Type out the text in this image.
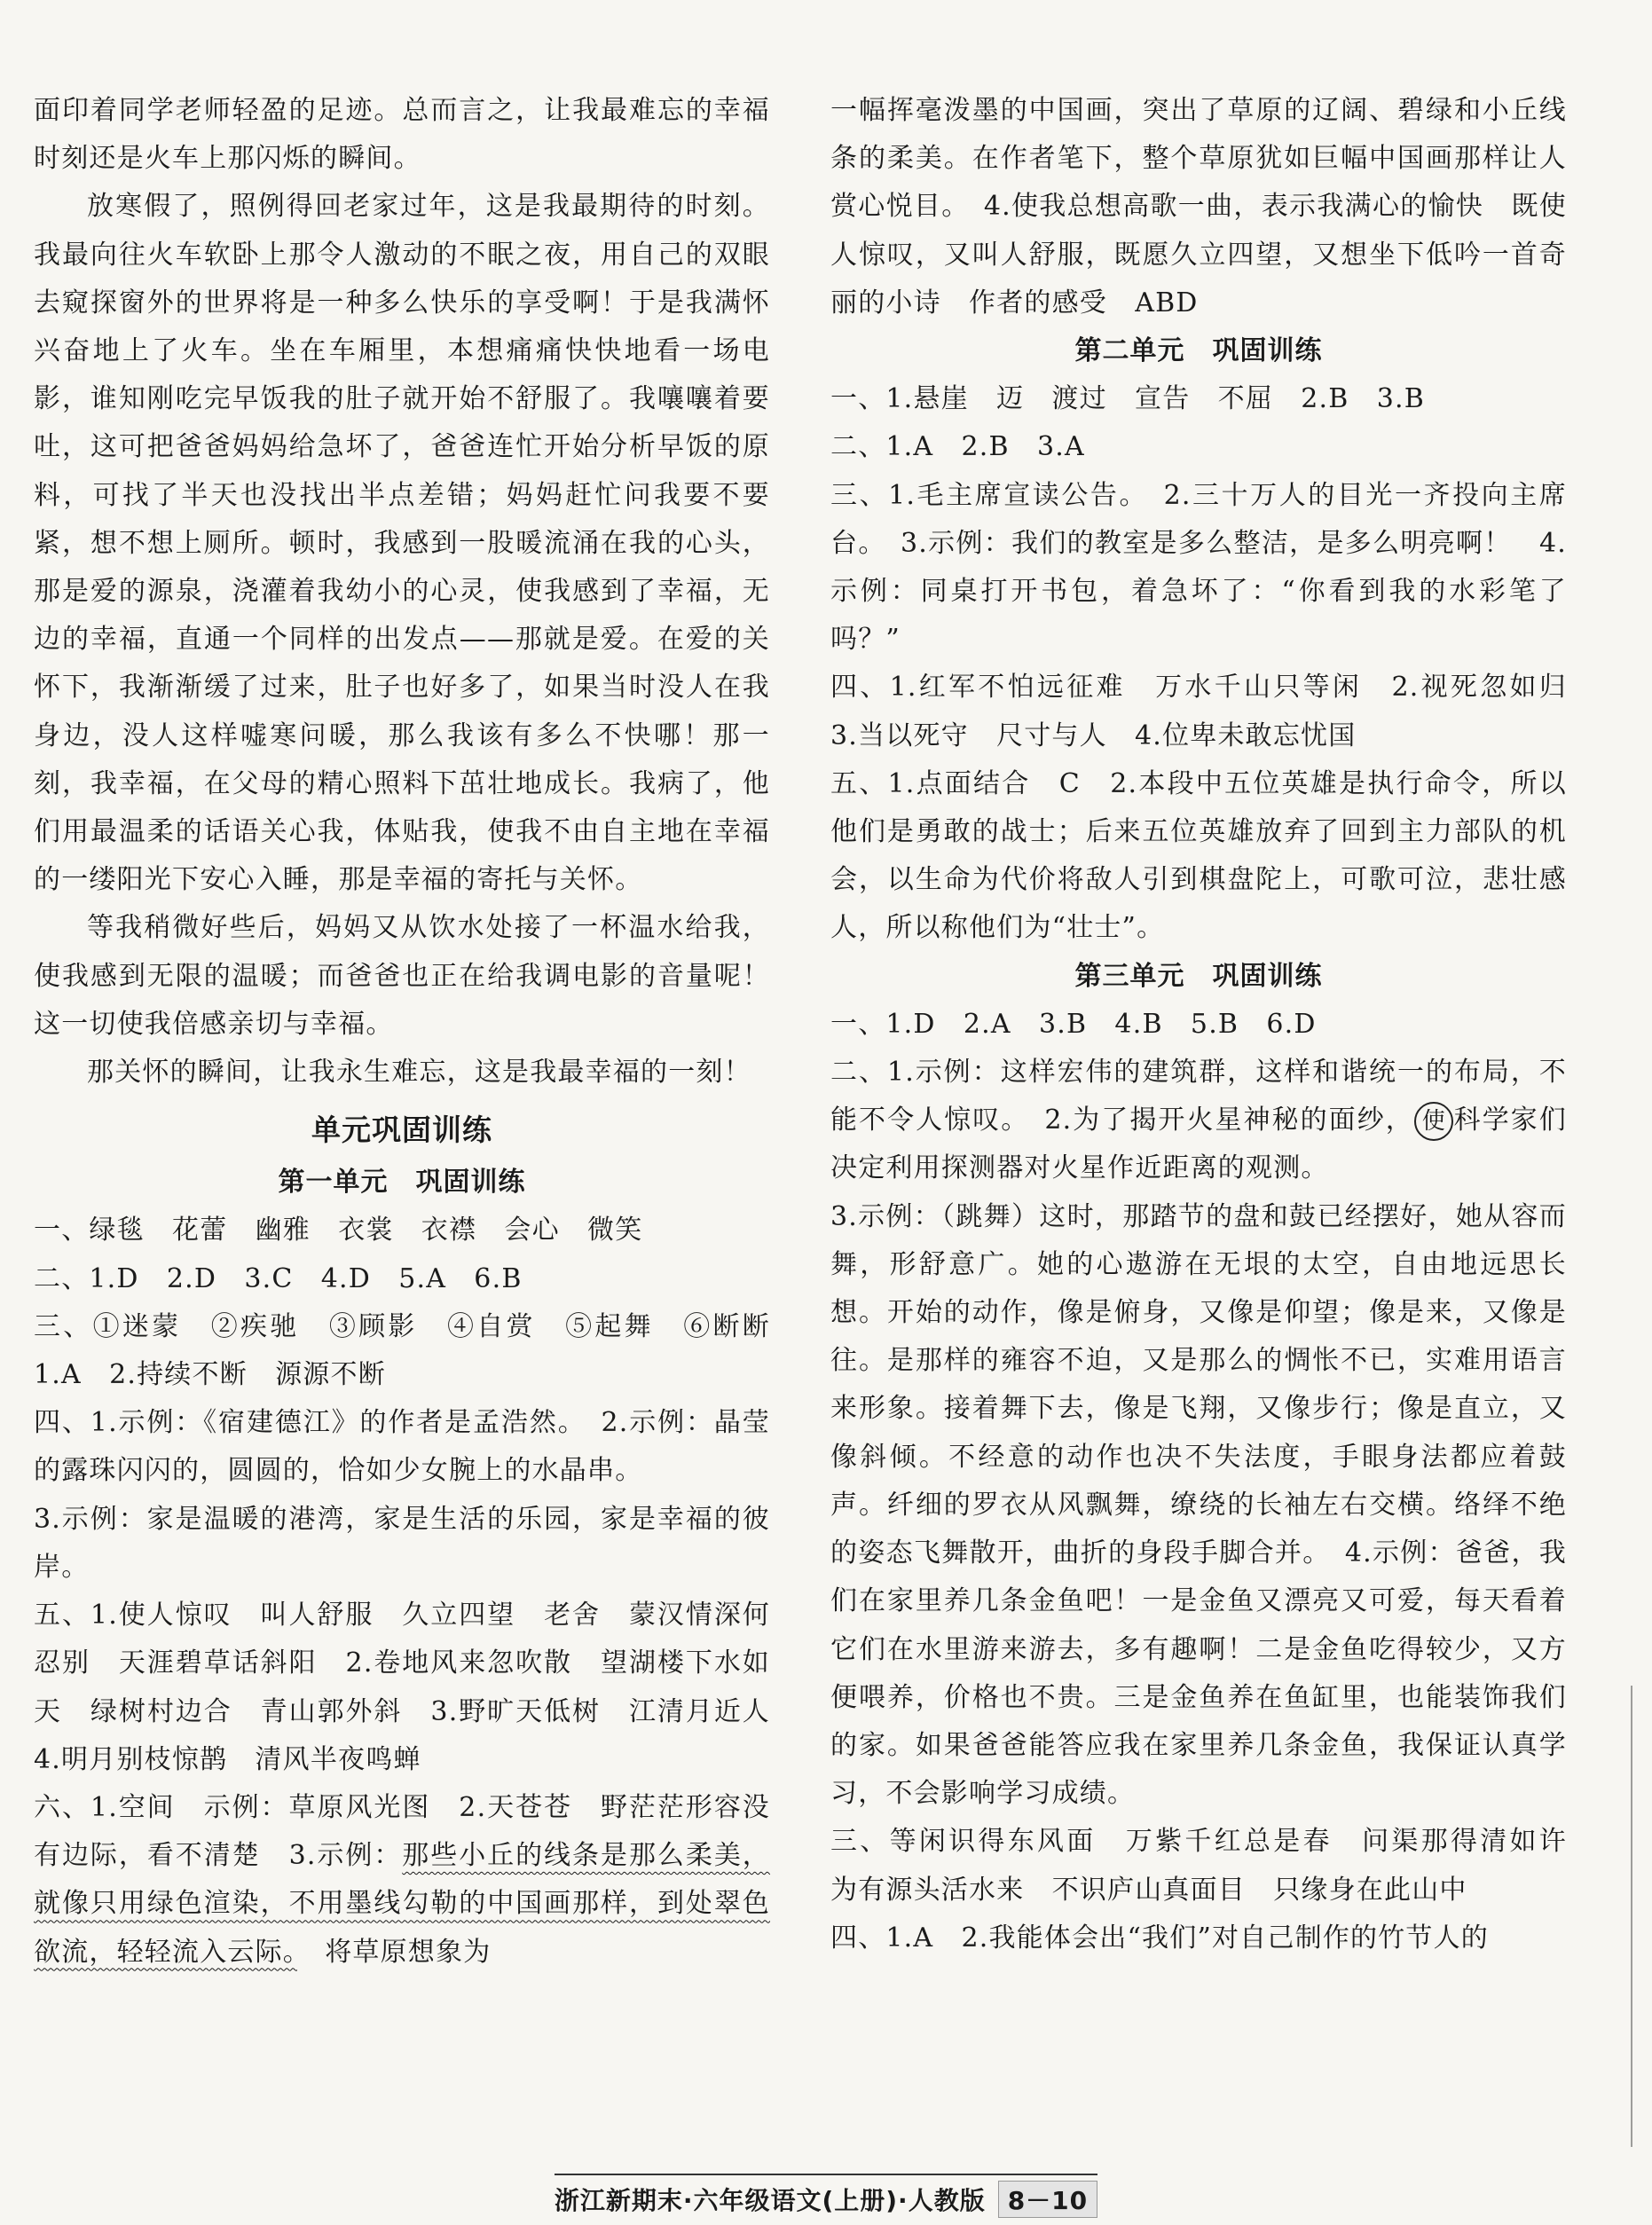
面印着同学老师轻盈的足迹。总而言之，让我最难忘的幸福时刻还是火车上那闪烁的瞬间。

放寒假了，照例得回老家过年，这是我最期待的时刻。我最向往火车软卧上那令人激动的不眠之夜，用自己的双眼去窥探窗外的世界将是一种多么快乐的享受啊！于是我满怀兴奋地上了火车。坐在车厢里，本想痛痛快快地看一场电影，谁知刚吃完早饭我的肚子就开始不舒服了。我嚷嚷着要吐，这可把爸爸妈妈给急坏了，爸爸连忙开始分析早饭的原料，可找了半天也没找出半点差错；妈妈赶忙问我要不要紧，想不想上厕所。顿时，我感到一股暖流涌在我的心头，那是爱的源泉，浇灌着我幼小的心灵，使我感到了幸福，无边的幸福，直通一个同样的出发点——那就是爱。在爱的关怀下，我渐渐缓了过来，肚子也好多了，如果当时没人在我身边，没人这样嘘寒问暖，那么我该有多么不快哪！那一刻，我幸福，在父母的精心照料下茁壮地成长。我病了，他们用最温柔的话语关心我，体贴我，使我不由自主地在幸福的一缕阳光下安心入睡，那是幸福的寄托与关怀。

等我稍微好些后，妈妈又从饮水处接了一杯温水给我，使我感到无限的温暖；而爸爸也正在给我调电影的音量呢！这一切使我倍感亲切与幸福。

那关怀的瞬间，让我永生难忘，这是我最幸福的一刻！

单元巩固训练
第一单元　巩固训练

一、绿毯　花蕾　幽雅　衣裳　衣襟　会心　微笑

二、1.D　2.D　3.C　4.D　5.A　6.B

三、①迷蒙　②疾驰　③顾影　④自赏　⑤起舞　⑥断断　1.A　2.持续不断　源源不断

四、1.示例：《宿建德江》的作者是孟浩然。　2.示例：晶莹的露珠闪闪的，圆圆的，恰如少女腕上的水晶串。

3.示例：家是温暖的港湾，家是生活的乐园，家是幸福的彼岸。

五、1.使人惊叹　叫人舒服　久立四望　老舍　蒙汉情深何忍别　天涯碧草话斜阳　2.卷地风来忽吹散　望湖楼下水如天　绿树村边合　青山郭外斜　3.野旷天低树　江清月近人　4.明月别枝惊鹊　清风半夜鸣蝉

六、1.空间　示例：草原风光图　2.天苍苍　野茫茫形容没有边际，看不清楚　3.示例：那些小丘的线条是那么柔美，就像只用绿色渲染，不用墨线勾勒的中国画那样，到处翠色欲流，轻轻流入云际。　将草原想象为

一幅挥毫泼墨的中国画，突出了草原的辽阔、碧绿和小丘线条的柔美。在作者笔下，整个草原犹如巨幅中国画那样让人赏心悦目。　4.使我总想高歌一曲，表示我满心的愉快　既使人惊叹，又叫人舒服，既愿久立四望，又想坐下低吟一首奇丽的小诗　作者的感受　ABD

第二单元　巩固训练

一、1.悬崖　迈　渡过　宣告　不屈　2.B　3.B

二、1.A　2.B　3.A

三、1.毛主席宣读公告。　2.三十万人的目光一齐投向主席台。　3.示例：我们的教室是多么整洁，是多么明亮啊！　4.示例：同桌打开书包，着急坏了：“你看到我的水彩笔了吗？”

四、1.红军不怕远征难　万水千山只等闲　2.视死忽如归　3.当以死守　尺寸与人　4.位卑未敢忘忧国

五、1.点面结合　C　2.本段中五位英雄是执行命令，所以他们是勇敢的战士；后来五位英雄放弃了回到主力部队的机会，以生命为代价将敌人引到棋盘陀上，可歌可泣，悲壮感人，所以称他们为“壮士”。

第三单元　巩固训练

一、1.D　2.A　3.B　4.B　5.B　6.D

二、1.示例：这样宏伟的建筑群，这样和谐统一的布局，不能不令人惊叹。　2.为了揭开火星神秘的面纱， 使 科学家们决定利用探测器对火星作近距离的观测。

3.示例：（跳舞）这时，那踏节的盘和鼓已经摆好，她从容而舞，形舒意广。她的心遨游在无垠的太空，自由地远思长想。开始的动作，像是俯身，又像是仰望；像是来，又像是往。是那样的雍容不迫，又是那么的惆怅不已，实难用语言来形象。接着舞下去，像是飞翔，又像步行；像是直立，又像斜倾。不经意的动作也决不失法度，手眼身法都应着鼓声。纤细的罗衣从风飘舞，缭绕的长袖左右交横。络绎不绝的姿态飞舞散开，曲折的身段手脚合并。　4.示例：爸爸，我们在家里养几条金鱼吧！一是金鱼又漂亮又可爱，每天看着它们在水里游来游去，多有趣啊！二是金鱼吃得较少，又方便喂养，价格也不贵。三是金鱼养在鱼缸里，也能装饰我们的家。如果爸爸能答应我在家里养几条金鱼，我保证认真学习，不会影响学习成绩。

三、等闲识得东风面　万紫千红总是春　问渠那得清如许　为有源头活水来　不识庐山真面目　只缘身在此山中

四、1.A　2.我能体会出“我们”对自己制作的竹节人的

浙江新期末·六年级语文(上册)·人教版 8－10
